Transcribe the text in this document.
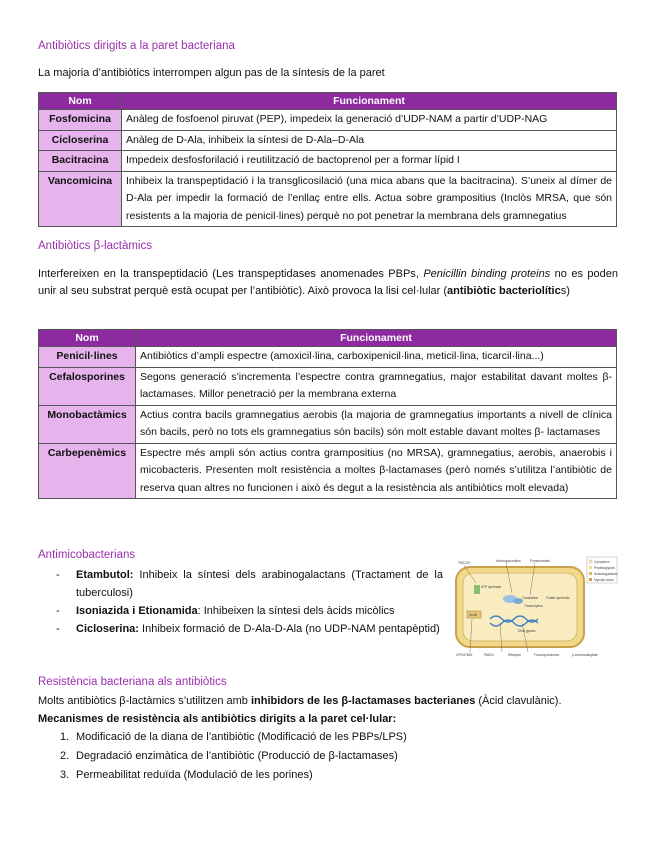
Antibiòtics dirigits a la paret bacteriana

La majoria d’antibiòtics interrompen algun pas de la síntesis de la paret

Nom	Funcionament
Fosfomicina	Anàleg de fosfoenol piruvat (PEP), impedeix la generació d’UDP-NAM a partir d’UDP-NAG
Cicloserina	Anàleg de D-Ala, inhibeix la síntesi de D-Ala–D-Ala
Bacitracina	Impedeix desfosforilació i reutilització de bactoprenol per a formar lípid I
Vancomicina	Inhibeix la transpeptidació i la transglicosilació (una mica abans que la bacitracina). S’uneix al dímer de D-Ala per impedir la formació de l’enllaç entre ells. Actua sobre grampositius (Inclòs MRSA, que són resistents a la majoria de penicil·lines) perquè no pot penetrar la membrana dels gramnegatius
Antibiòtics β-lactàmics

Interfereixen en la transpeptidació (Les transpeptidases anomenades PBPs, Penicillin binding proteins no es poden unir al seu substrat perquè està ocupat per l’antibiòtic). Això provoca la lisi cel·lular (antibiòtic bacteriolítics)

Nom	Funcionament
Penicil·lines	Antibiòtics d’ampli espectre (amoxicil·lina, carboxipenicil·lina, meticil·lina, ticarcil·lina...)
Cefalosporines	Segons generació s’incrementa l’espectre contra gramnegatius, major estabilitat davant moltes β- lactamases. Millor penetració per la membrana externa
Monobactàmics	Actius contra bacils gramnegatius aerobis (la majoria de gramnegatius importants a nivell de clínica són bacils, però no tots els gramnegatius són bacils) són molt estable davant moltes β- lactamases
Carbepenèmics	Espectre més ampli són actius contra grampositius (no MRSA), gramnegatius, aerobis, anaerobis i micobacteris. Presenten molt resistència a moltes β-lactamases (però només s’utilitza l’antibiòtic de reserva quan altres no funcionen i això és degut a la resistència als antibiòtics molt elevada)
Antimicobacterians
- Etambutol: Inhibeix la síntesi dels arabinogalactans (Tractament de la tuberculosi)
- Isoniazida i Etionamida: Inhibeixen la síntesi dels àcids micòlics
- Cicloserina: Inhibeix formació de D-Ala-D-Ala (no UDP-NAM pentapèptid)
Cytoplasm
Peptidoglycan
Arabinogalactan
Mycolic acids
TMC207
ATP synthase
Aminoglycosides	Pyrazinamide
Translation
Transcription
Folate synthesis
DNA gyrase
NcaB
OPC67683	PA824	Rifampin	Fluoroquinolones	p-Aminosalicylate
Resistència bacteriana als antibiòtics

Molts antibiòtics β-lactàmics s’utilitzen amb inhibidors de les β-lactamases bacterianes (Àcid clavulànic).

Mecanismes de resistència als antibiòtics dirigits a la paret cel·lular:

1. Modificació de la diana de l’antibiòtic (Modificació de les PBPs/LPS)
2. Degradació enzimàtica de l’antibiòtic (Producció de β-lactamases)
3. Permeabilitat reduïda (Modulació de les porines)
